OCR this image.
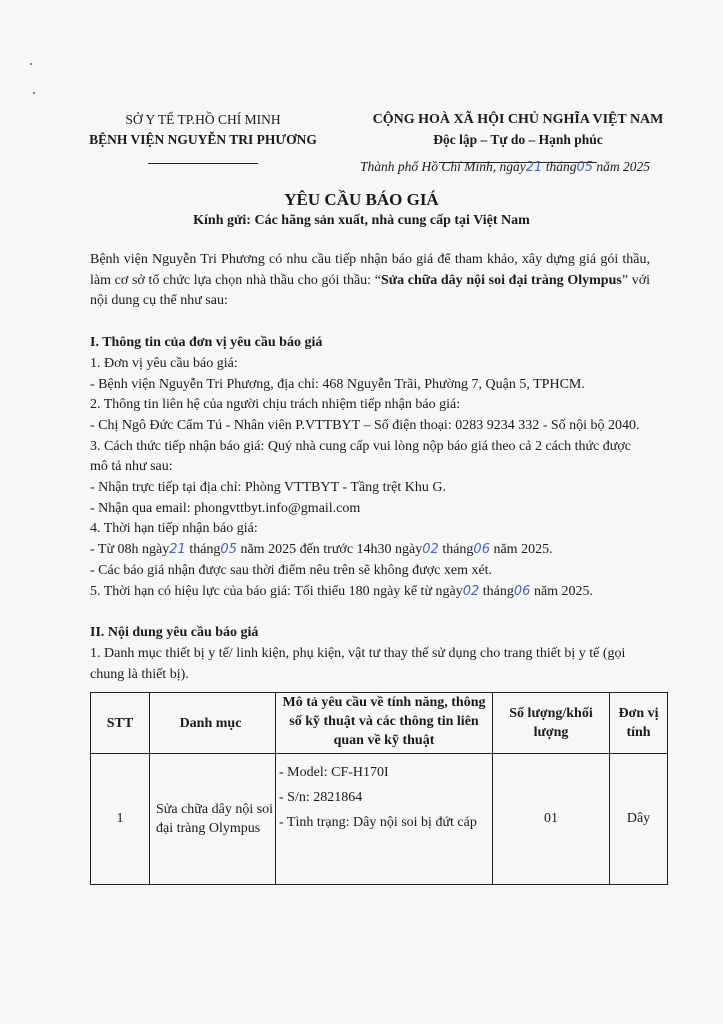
SỞ Y TẾ TP.HỒ CHÍ MINH
BỆNH VIỆN NGUYỄN TRI PHƯƠNG
CỘNG HOÀ XÃ HỘI CHỦ NGHĨA VIỆT NAM
Độc lập – Tự do – Hạnh phúc
Thành phố Hồ Chí Minh, ngày21 tháng05 năm 2025
YÊU CẦU BÁO GIÁ
Kính gửi: Các hãng sản xuất, nhà cung cấp tại Việt Nam

Bệnh viện Nguyễn Tri Phương có nhu cầu tiếp nhận báo giá để tham khảo, xây dựng giá gói thầu, làm cơ sở tổ chức lựa chọn nhà thầu cho gói thầu: “Sửa chữa dây nội soi đại tràng Olympus” với nội dung cụ thể như sau:

I. Thông tin của đơn vị yêu cầu báo giá

1. Đơn vị yêu cầu báo giá:

- Bệnh viện Nguyễn Tri Phương, địa chỉ: 468 Nguyễn Trãi, Phường 7, Quận 5, TPHCM.

2. Thông tin liên hệ của người chịu trách nhiệm tiếp nhận báo giá:

- Chị Ngô Đức Cẩm Tú - Nhân viên P.VTTBYT – Số điện thoại: 0283 9234 332 - Số nội bộ 2040.

3. Cách thức tiếp nhận báo giá: Quý nhà cung cấp vui lòng nộp báo giá theo cả 2 cách thức được mô tả như sau:

- Nhận trực tiếp tại địa chỉ: Phòng VTTBYT - Tầng trệt Khu G.

- Nhận qua email: phongvttbyt.info@gmail.com

4. Thời hạn tiếp nhận báo giá:

- Từ 08h ngày21 tháng05 năm 2025 đến trước 14h30 ngày02 tháng06 năm 2025.

- Các báo giá nhận được sau thời điểm nêu trên sẽ không được xem xét.

5. Thời hạn có hiệu lực của báo giá: Tối thiểu 180 ngày kể từ ngày02 tháng06 năm 2025.

II. Nội dung yêu cầu báo giá

1. Danh mục thiết bị y tế/ linh kiện, phụ kiện, vật tư thay thế sử dụng cho trang thiết bị y tế (gọi chung là thiết bị).

STT	Danh mục	Mô tả yêu cầu về tính năng, thông số kỹ thuật và các thông tin liên quan về kỹ thuật	Số lượng/khối lượng	Đơn vị tính
1	Sửa chữa dây nội soi đại tràng Olympus	- Model: CF-H170I
- S/n: 2821864
- Tình trạng: Dây nội soi bị đứt cáp	01	Dây
